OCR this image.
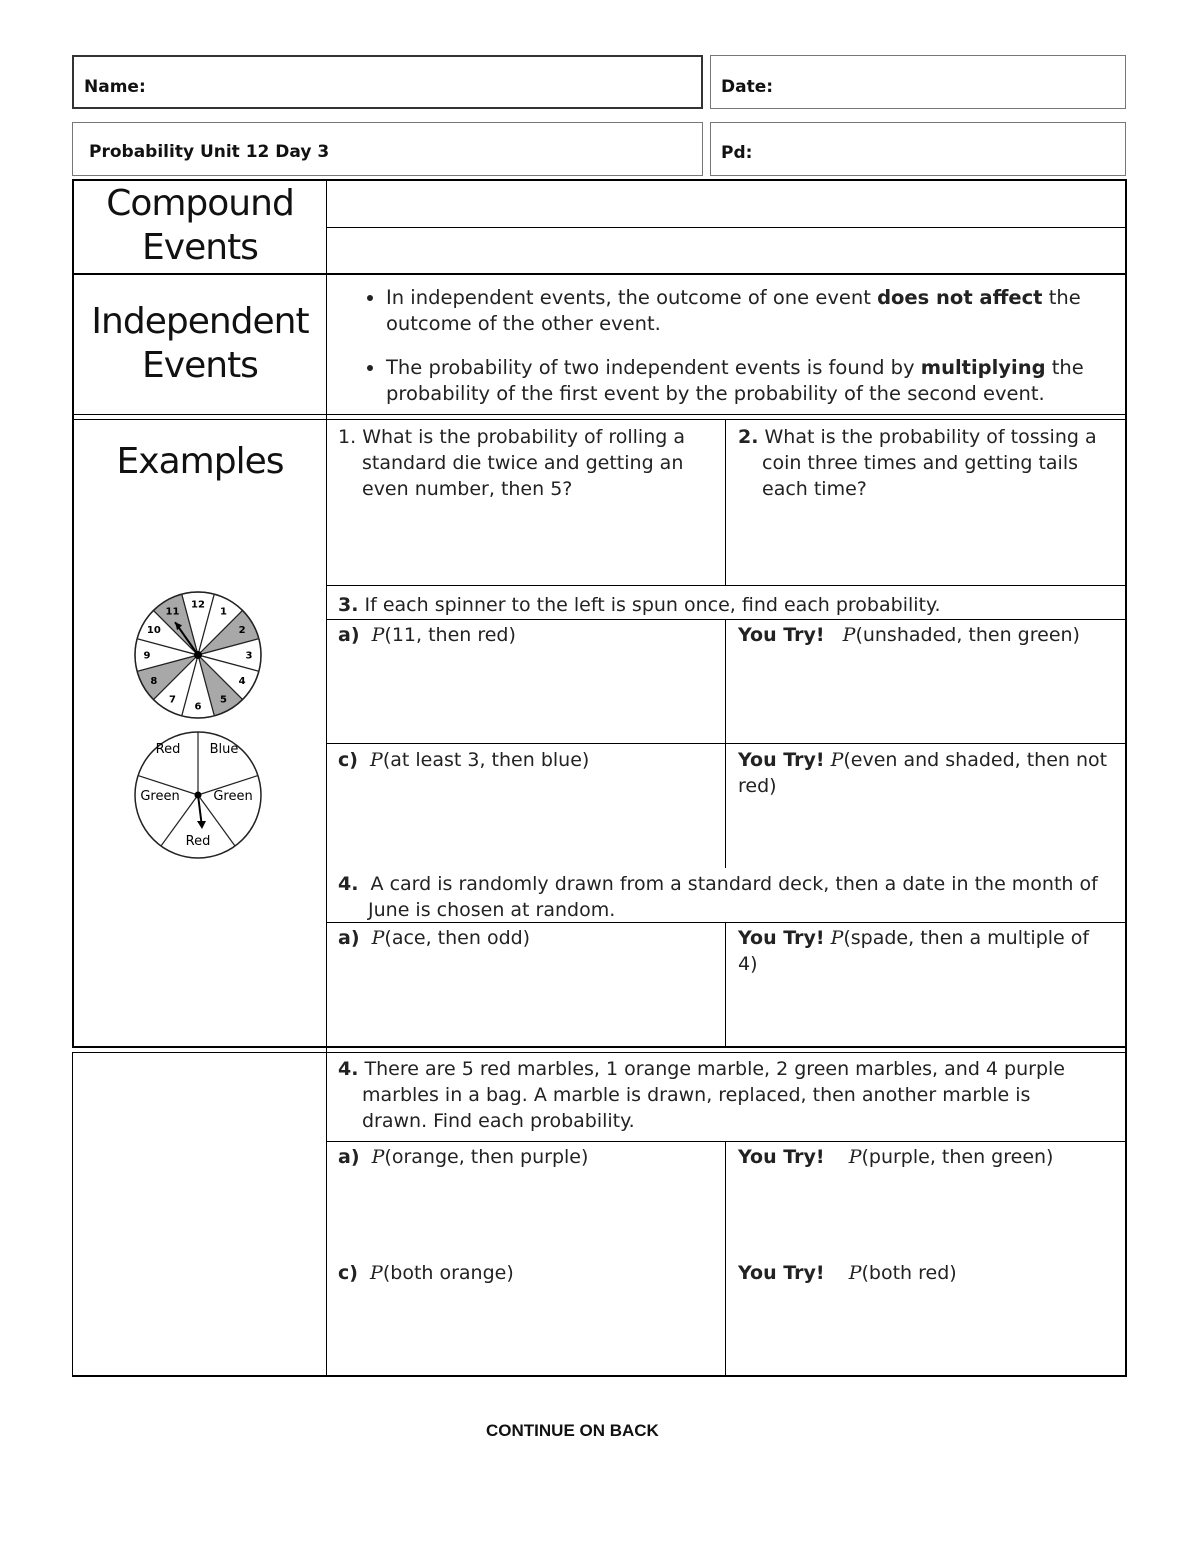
Name:	Date:
Probability Unit 12 Day 3	Pd:
Compound
Events
Independent
Events
Examples
• In independent events, the outcome of one event does not affect the outcome of the other event.
• The probability of two independent events is found by multiplying the probability of the first event by the probability of the second event.
1. What is the probability of rolling a standard die twice and getting an even number, then 5?
2. What is the probability of tossing a coin three times and getting tails each time?
3. If each spinner to the left is spun once, find each probability.
a) P(11, then red)	You Try! P(unshaded, then green)
c) P(at least 3, then blue)	You Try! P(even and shaded, then not red)
4. A card is randomly drawn from a standard deck, then a date in the month of June is chosen at random.
a) P(ace, then odd)	You Try! P(spade, then a multiple of 4)
4. There are 5 red marbles, 1 orange marble, 2 green marbles, and 4 purple marbles in a bag. A marble is drawn, replaced, then another marble is drawn. Find each probability.
a) P(orange, then purple)	You Try! P(purple, then green)
c) P(both orange)	You Try! P(both red)
12
1
2
3
4
5
6
7
8
9
10
11
Red Blue
Green	Green
Red
CONTINUE ON BACK
